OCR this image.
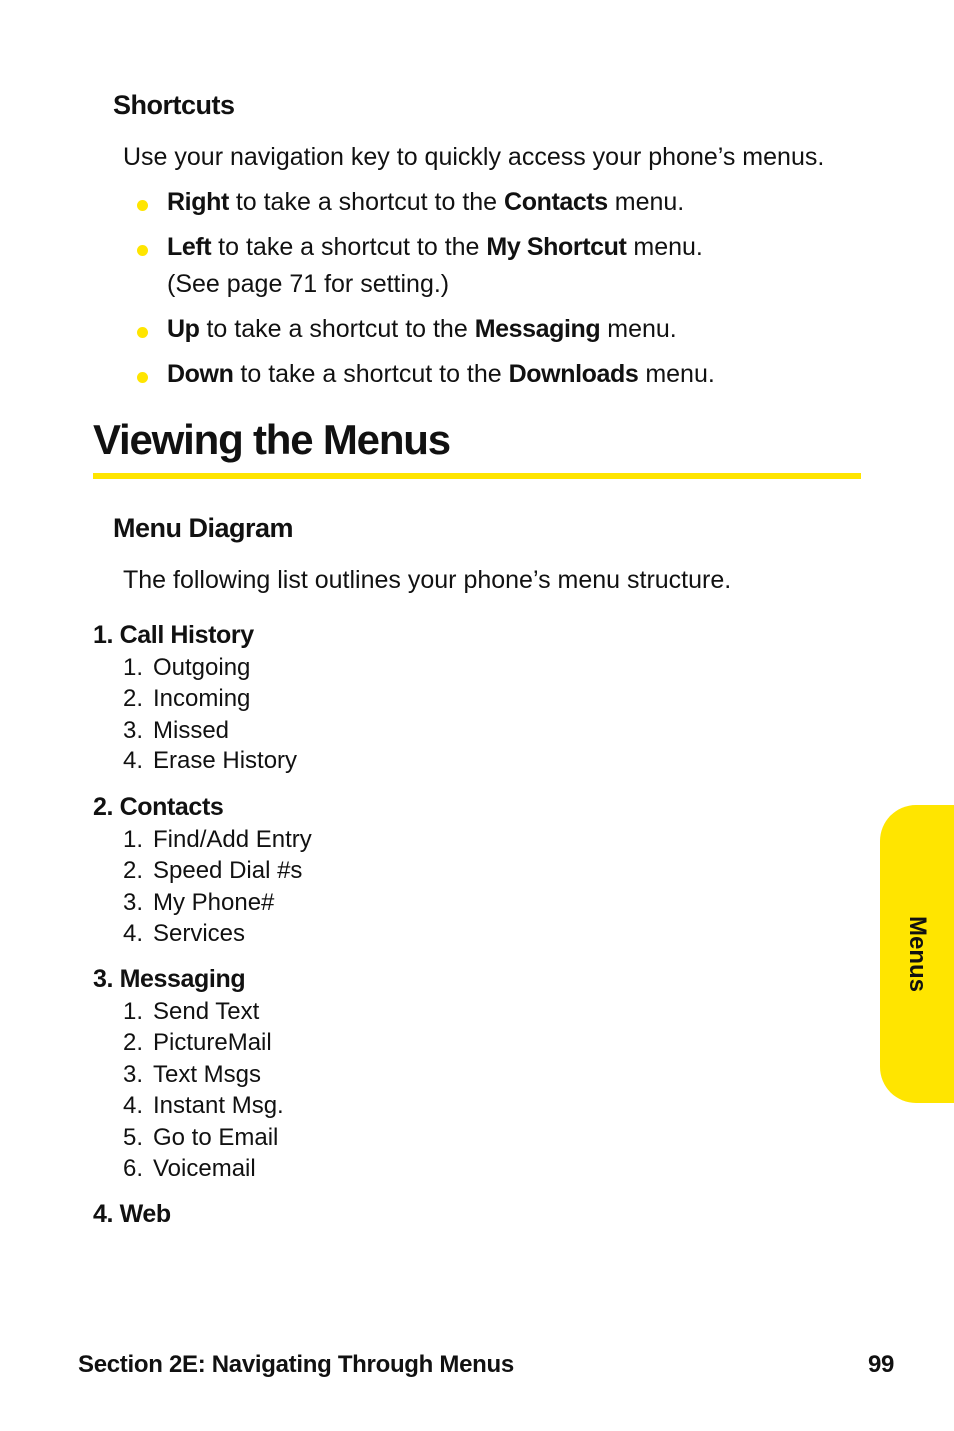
Shortcuts
Use your navigation key to quickly access your phone’s menus.
Right to take a shortcut to the Contacts menu.
Left to take a shortcut to the My Shortcut menu.
(See page 71 for setting.)
Up to take a shortcut to the Messaging menu.
Down to take a shortcut to the Downloads menu.
Viewing the Menus
Menu Diagram
The following list outlines your phone’s menu structure.
1. Call History
1. Outgoing
2. Incoming
3. Missed
4. Erase History
2. Contacts
1. Find/Add Entry
2. Speed Dial #s
3. My Phone#
4. Services
3. Messaging
1. Send Text
2. PictureMail
3. Text Msgs
4. Instant Msg.
5. Go to Email
6. Voicemail
4. Web
Menus
Section 2E: Navigating Through Menus	99
